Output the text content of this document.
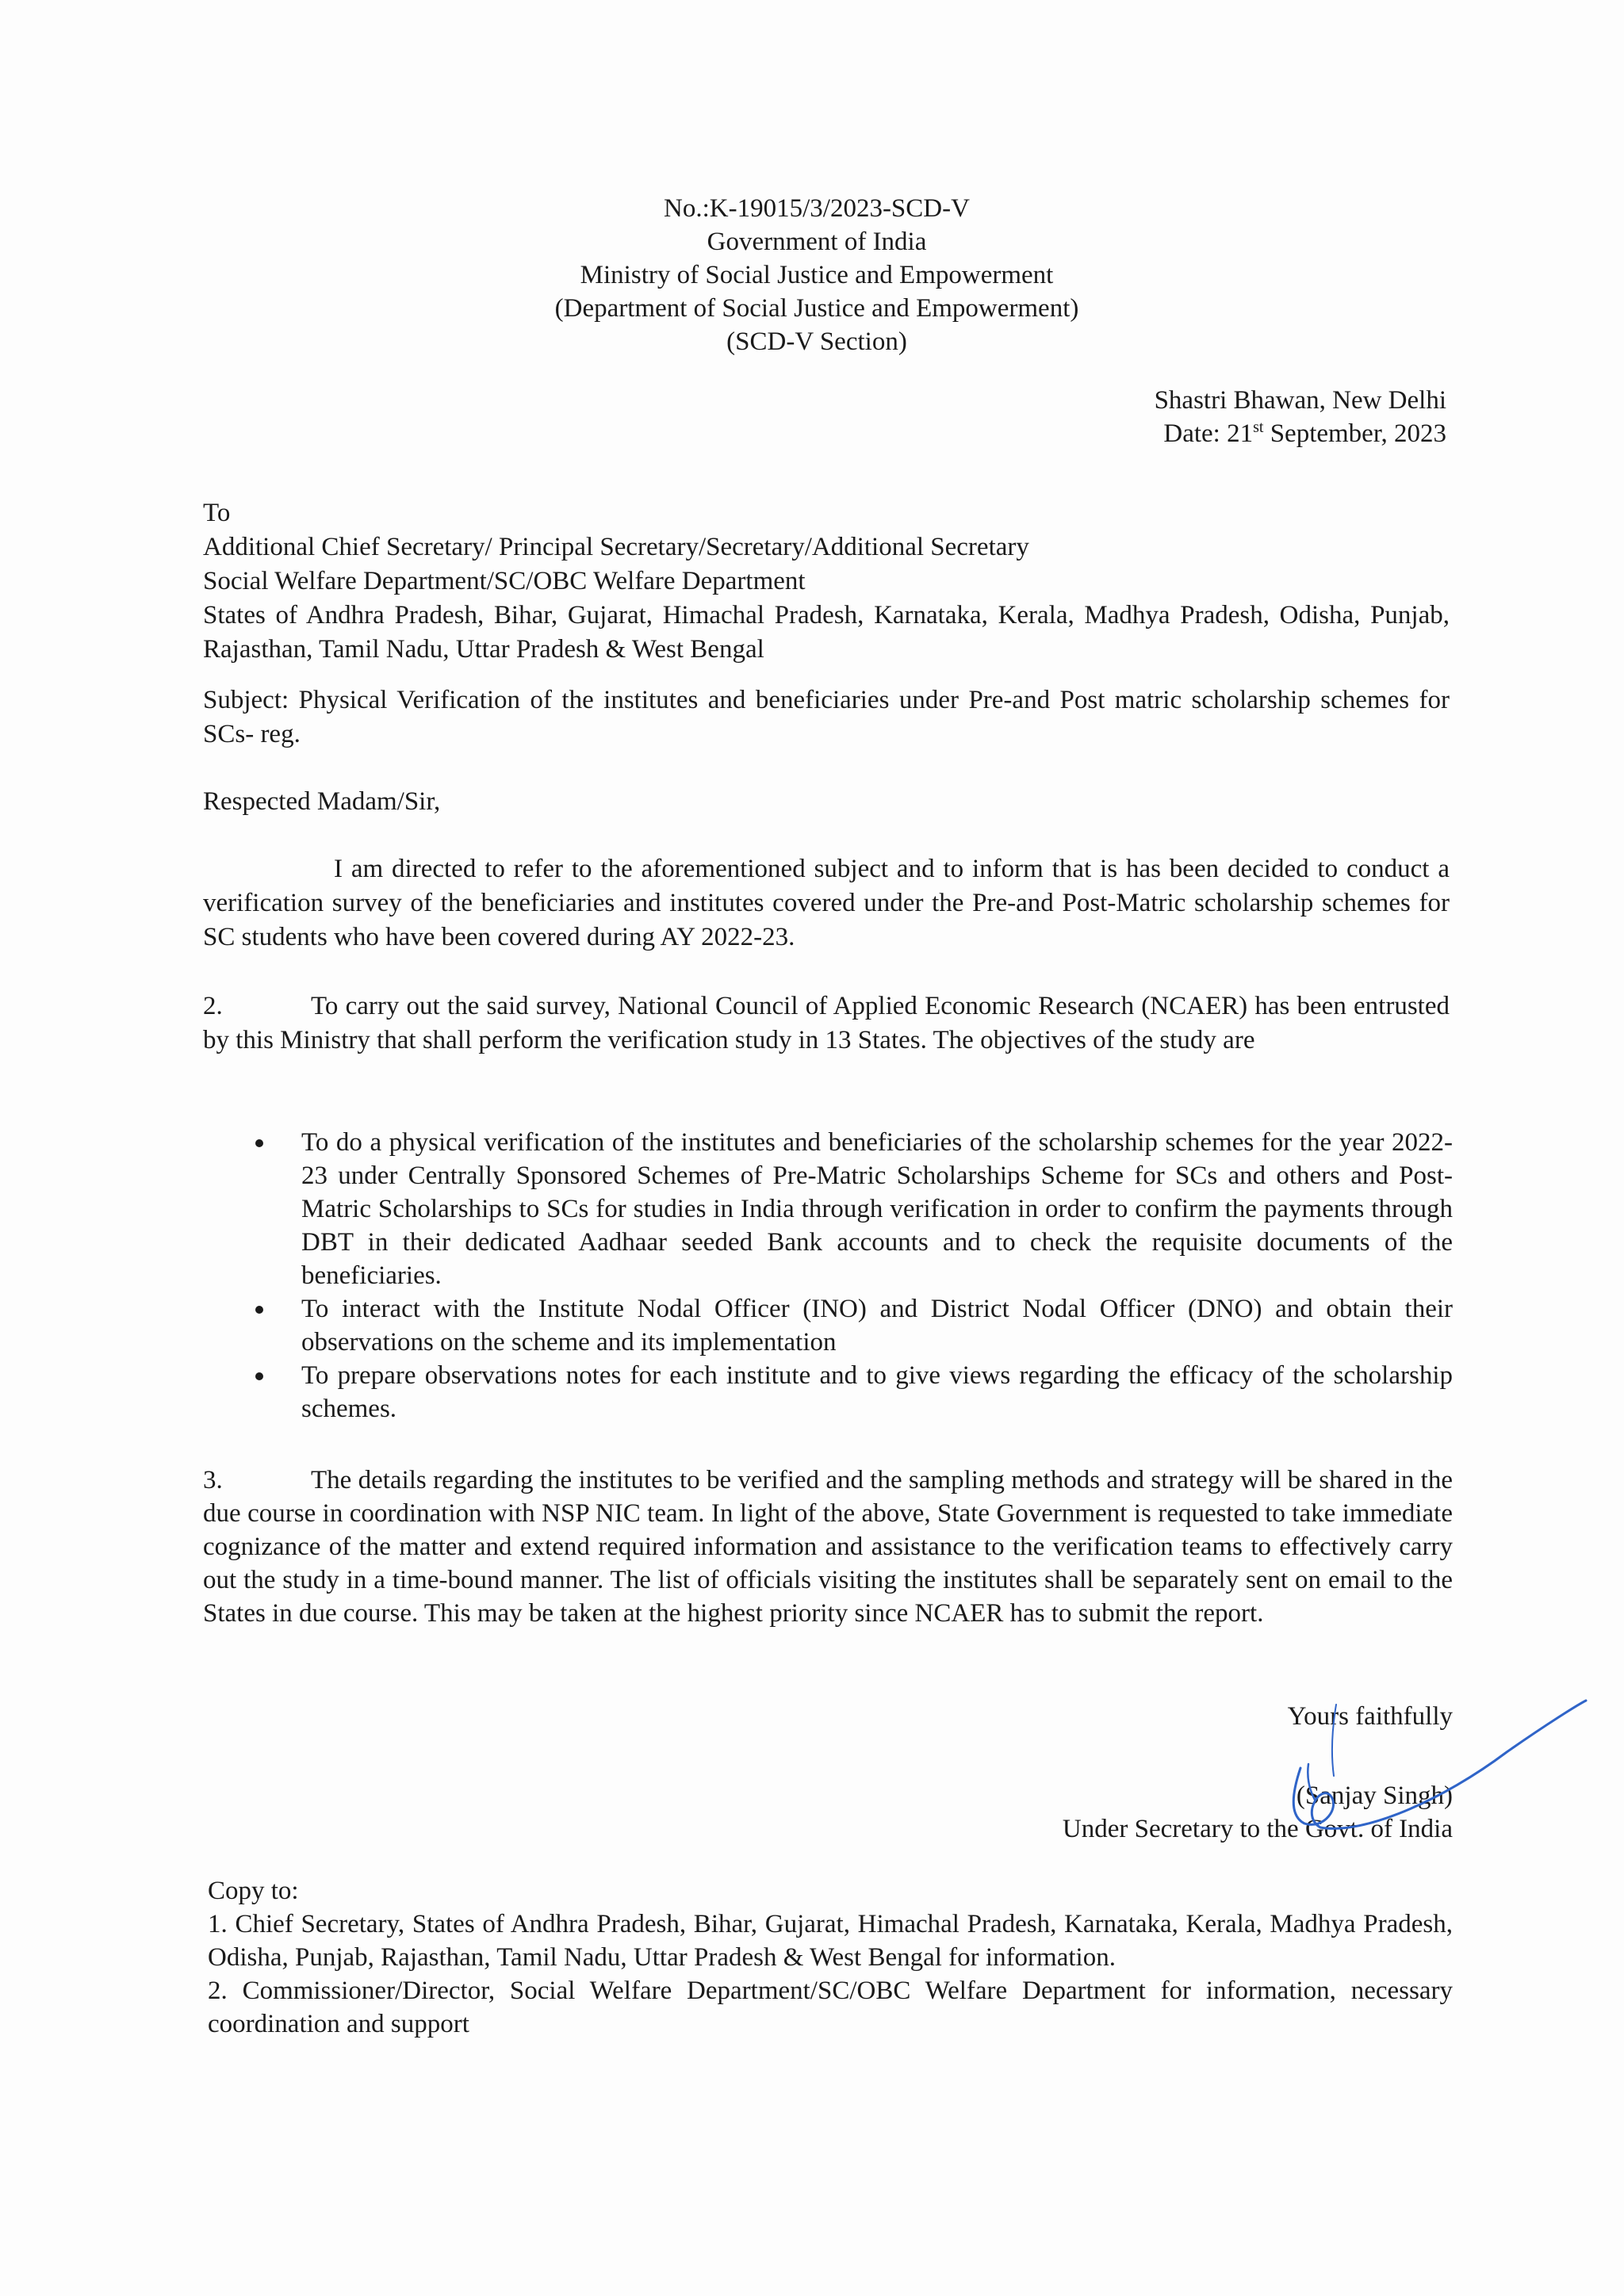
No.:K-19015/3/2023-SCD-V
Government of India
Ministry of Social Justice and Empowerment
(Department of Social Justice and Empowerment)
(SCD-V Section)
Shastri Bhawan, New Delhi
Date: 21st September, 2023
To
Additional Chief Secretary/ Principal Secretary/Secretary/Additional Secretary
Social Welfare Department/SC/OBC Welfare Department
States of Andhra Pradesh, Bihar, Gujarat, Himachal Pradesh, Karnataka, Kerala, Madhya Pradesh, Odisha, Punjab, Rajasthan, Tamil Nadu, Uttar Pradesh & West Bengal
Subject: Physical Verification of the institutes and beneficiaries under Pre-and Post matric scholarship schemes for SCs- reg.
Respected Madam/Sir,
I am directed to refer to the aforementioned subject and to inform that is has been decided to conduct a verification survey of the beneficiaries and institutes covered under the Pre-and Post-Matric scholarship schemes for SC students who have been covered during AY 2022-23.
2.	To carry out the said survey, National Council of Applied Economic Research (NCAER) has been entrusted by this Ministry that shall perform the verification study in 13 States. The objectives of the study are
To do a physical verification of the institutes and beneficiaries of the scholarship schemes for the year 2022-23 under Centrally Sponsored Schemes of Pre-Matric Scholarships Scheme for SCs and others and Post-Matric Scholarships to SCs for studies in India through verification in order to confirm the payments through DBT in their dedicated Aadhaar seeded Bank accounts and to check the requisite documents of the beneficiaries.
To interact with the Institute Nodal Officer (INO) and District Nodal Officer (DNO) and obtain their observations on the scheme and its implementation
To prepare observations notes for each institute and to give views regarding the efficacy of the scholarship schemes.
3.	The details regarding the institutes to be verified and the sampling methods and strategy will be shared in the due course in coordination with NSP NIC team. In light of the above, State Government is requested to take immediate cognizance of the matter and extend required information and assistance to the verification teams to effectively carry out the study in a time-bound manner. The list of officials visiting the institutes shall be separately sent on email to the States in due course. This may be taken at the highest priority since NCAER has to submit the report.
Yours faithfully
(Sanjay Singh)
Under Secretary to the Govt. of India
Copy to:
1. Chief Secretary, States of Andhra Pradesh, Bihar, Gujarat, Himachal Pradesh, Karnataka, Kerala, Madhya Pradesh, Odisha, Punjab, Rajasthan, Tamil Nadu, Uttar Pradesh & West Bengal for information.
2. Commissioner/Director, Social Welfare Department/SC/OBC Welfare Department for information, necessary coordination and support
